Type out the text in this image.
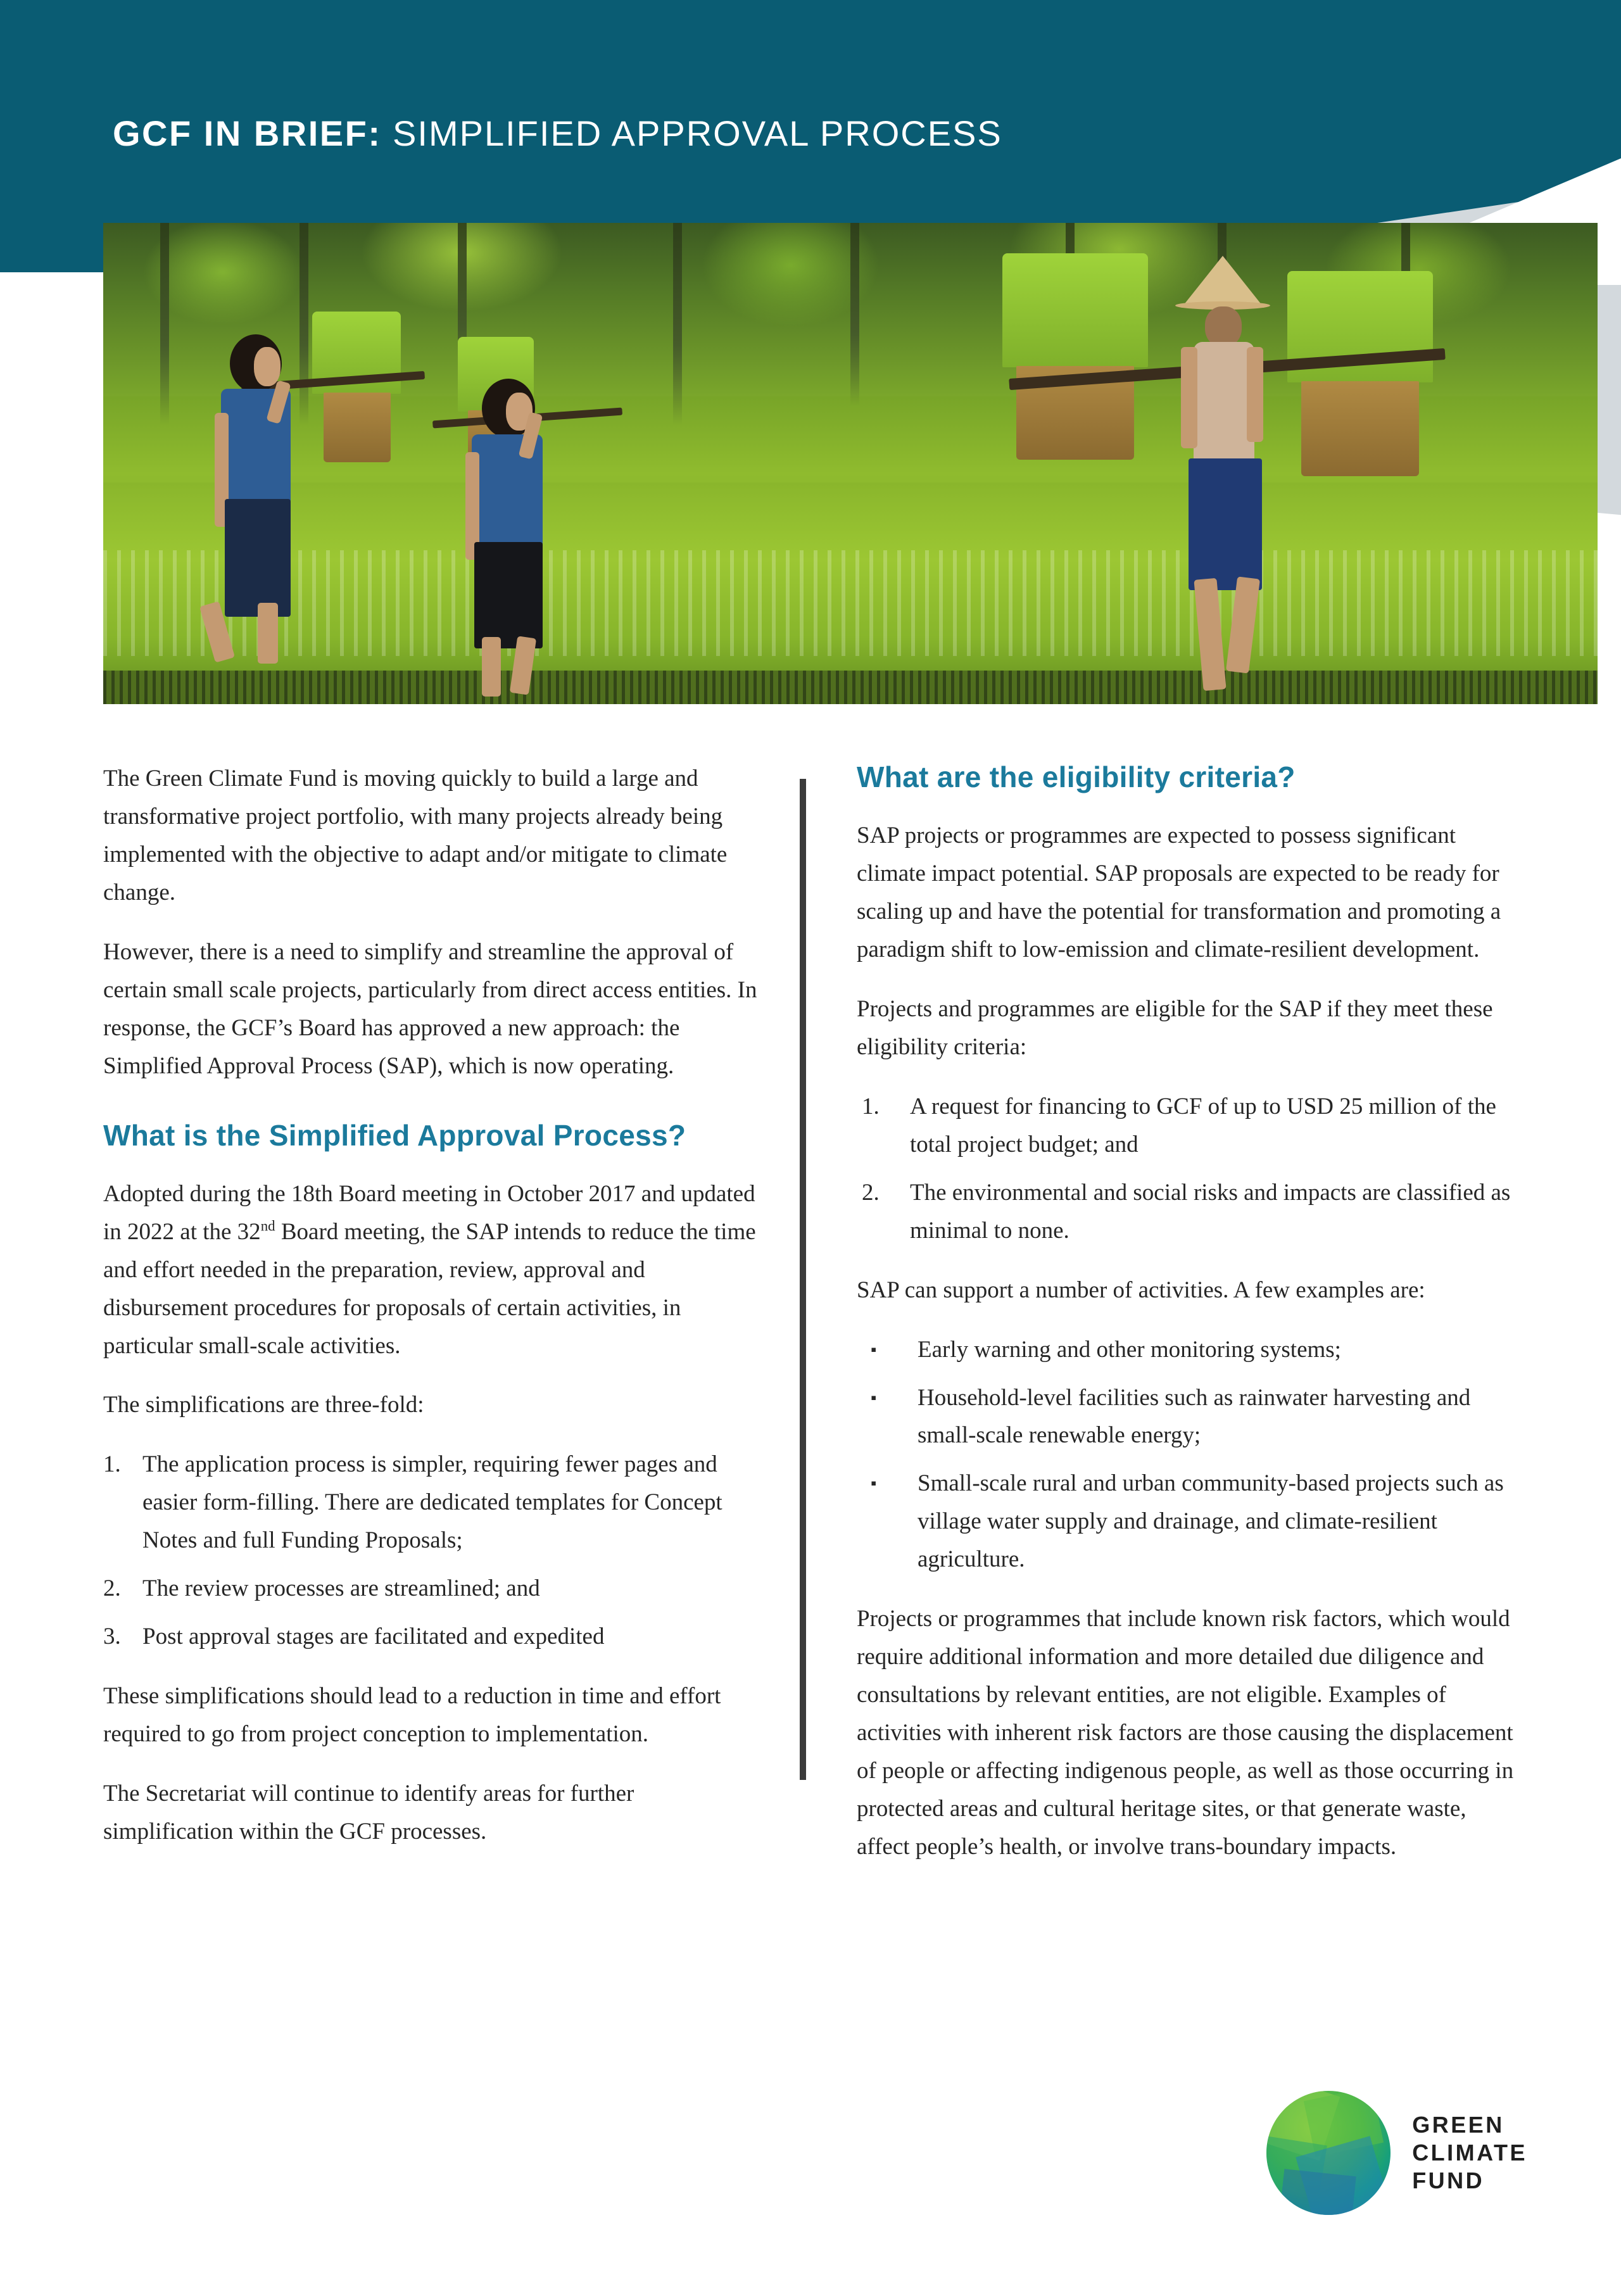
GCF IN BRIEF: SIMPLIFIED APPROVAL PROCESS

The Green Climate Fund is moving quickly to build a large and transformative project portfolio, with many projects already being implemented with the objective to adapt and/or mitigate to climate change.

However, there is a need to simplify and streamline the approval of certain small scale projects, particularly from direct access entities. In response, the GCF’s Board has approved a new approach: the Simplified Approval Process (SAP), which is now operating.

What is the Simplified Approval Process?

Adopted during the 18th Board meeting in October 2017 and updated in 2022 at the 32nd Board meeting, the SAP intends to reduce the time and effort needed in the preparation, review, approval and disbursement procedures for proposals of certain activities, in particular small-scale activities.

The simplifications are three-fold:

1. The application process is simpler, requiring fewer pages and easier form-filling. There are dedicated templates for Concept Notes and full Funding Proposals;
2. The review processes are streamlined; and
3. Post approval stages are facilitated and expedited

These simplifications should lead to a reduction in time and effort required to go from project conception to implementation.

The Secretariat will continue to identify areas for further simplification within the GCF processes.

What are the eligibility criteria?

SAP projects or programmes are expected to possess significant climate impact potential. SAP proposals are expected to be ready for scaling up and have the potential for transformation and promoting a paradigm shift to low-emission and climate-resilient development.

Projects and programmes are eligible for the SAP if they meet these eligibility criteria:

1.	A request for financing to GCF of up to USD 25 million of the total project budget; and
2.	The environmental and social risks and impacts are classified as minimal to none.

SAP can support a number of activities. A few examples are:

▪	Early warning and other monitoring systems;
▪	Household-level facilities such as rainwater harvesting and small-scale renewable energy;
▪	Small-scale rural and urban community-based projects such as village water supply and drainage, and climate-resilient agriculture.

Projects or programmes that include known risk factors, which would require additional information and more detailed due diligence and consultations by relevant entities, are not eligible. Examples of activities with inherent risk factors are those causing the displacement of people or affecting indigenous people, as well as those occurring in protected areas and cultural heritage sites, or that generate waste, affect people’s health, or involve trans-boundary impacts.

GREEN
CLIMATE
FUND
